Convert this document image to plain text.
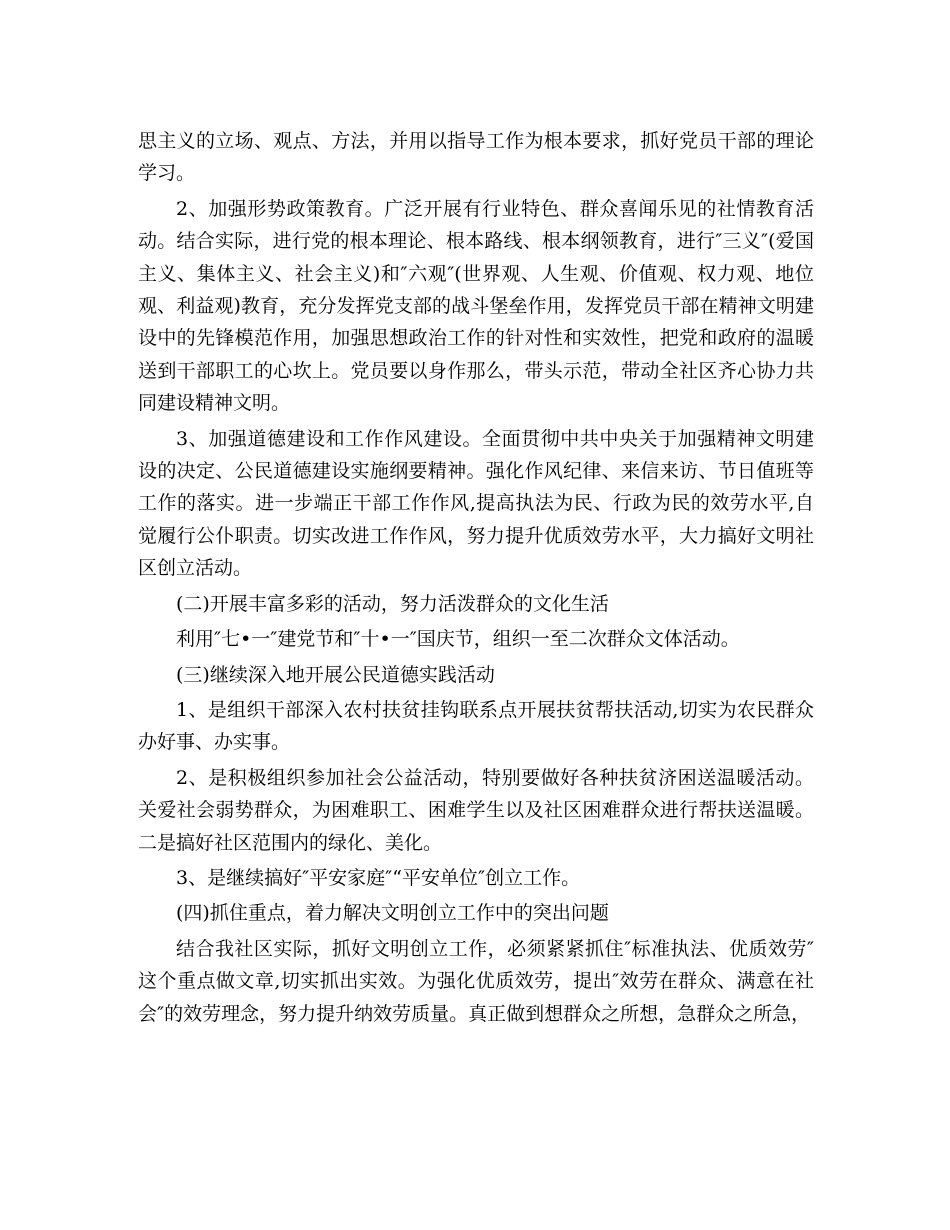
思主义的立场、观点、方法，并用以指导工作为根本要求，抓好党员干部的理论学习。

2、加强形势政策教育。广泛开展有行业特色、群众喜闻乐见的社情教育活动。结合实际，进行党的根本理论、根本路线、根本纲领教育，进行″三义″(爱国主义、集体主义、社会主义)和″六观″(世界观、人生观、价值观、权力观、地位观、利益观)教育，充分发挥党支部的战斗堡垒作用，发挥党员干部在精神文明建设中的先锋模范作用，加强思想政治工作的针对性和实效性，把党和政府的温暖送到干部职工的心坎上。党员要以身作那么，带头示范，带动全社区齐心协力共同建设精神文明。

3、加强道德建设和工作作风建设。全面贯彻中共中央关于加强精神文明建设的决定、公民道德建设实施纲要精神。强化作风纪律、来信来访、节日值班等工作的落实。进一步端正干部工作作风,提高执法为民、行政为民的效劳水平,自觉履行公仆职责。切实改进工作作风，努力提升优质效劳水平，大力搞好文明社区创立活动。

(二)开展丰富多彩的活动，努力活泼群众的文化生活

利用″七•一″建党节和″十•一″国庆节，组织一至二次群众文体活动。

(三)继续深入地开展公民道德实践活动

1、是组织干部深入农村扶贫挂钩联系点开展扶贫帮扶活动,切实为农民群众办好事、办实事。

2、是积极组织参加社会公益活动，特别要做好各种扶贫济困送温暖活动。关爱社会弱势群众，为困难职工、困难学生以及社区困难群众进行帮扶送温暖。二是搞好社区范围内的绿化、美化。

3、是继续搞好″平安家庭″“平安单位″创立工作。

(四)抓住重点，着力解决文明创立工作中的突出问题

结合我社区实际，抓好文明创立工作，必须紧紧抓住″标准执法、优质效劳″这个重点做文章,切实抓出实效。为强化优质效劳，提出″效劳在群众、满意在社会″的效劳理念，努力提升纳效劳质量。真正做到想群众之所想，急群众之所急，
